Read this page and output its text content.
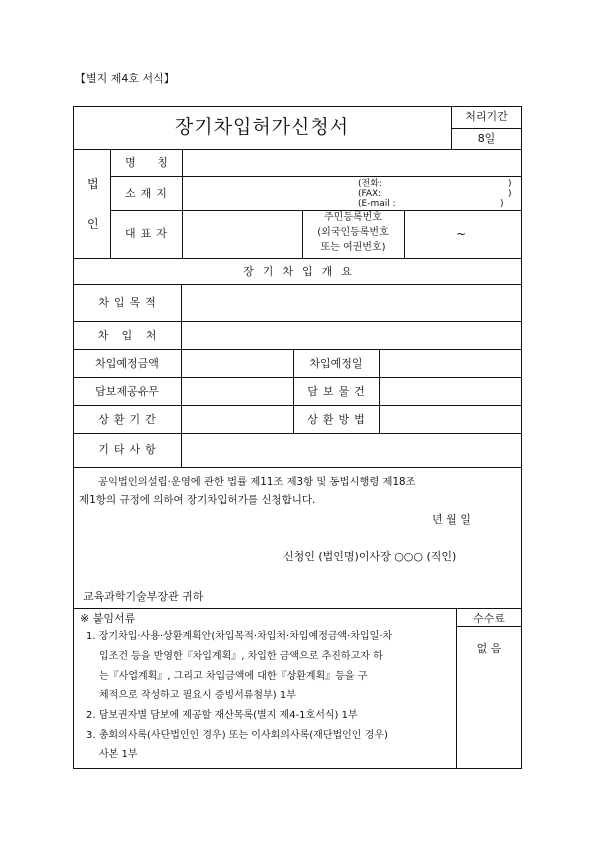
【별지 제4호 서식】
장기차입허가신청서	처리기간
8일
법
인
명 칭
소재지
(전화:	)
(FAX:	)
(E-mail :	)
대표자
주민등록번호
(외국인등록번호
또는 여권번호)
~
장기차입개요
차입목적
차 입 처
차입예정금액	차입예정일
담보제공유무	담보물건
상환기간	상환방법
기타사항
공익법인의설립·운영에 관한 법률 제11조 제3항 및 동법시행령 제18조
제1항의 규정에 의하여 장기차입허가를 신청합니다.
년 월 일
신청인 (법인명)이사장 ○○○ (직인)
교육과학기술부장관 귀하
수수료
없 음
※ 붙임서류
1. 장기차입·사용·상환계획안(차입목적·차입처·차입예정금액·차입일·차
입조건 등을 반영한『차입계획』, 차입한 금액으로 추진하고자 하
는『사업계획』, 그리고 차입금액에 대한『상환계획』등을 구
체적으로 작성하고 필요시 증빙서류첨부) 1부
2. 담보권자별 담보에 제공할 재산목록(별지 제4-1호서식) 1부
3. 총회의사록(사단법인인 경우) 또는 이사회의사록(재단법인인 경우)
사본 1부
